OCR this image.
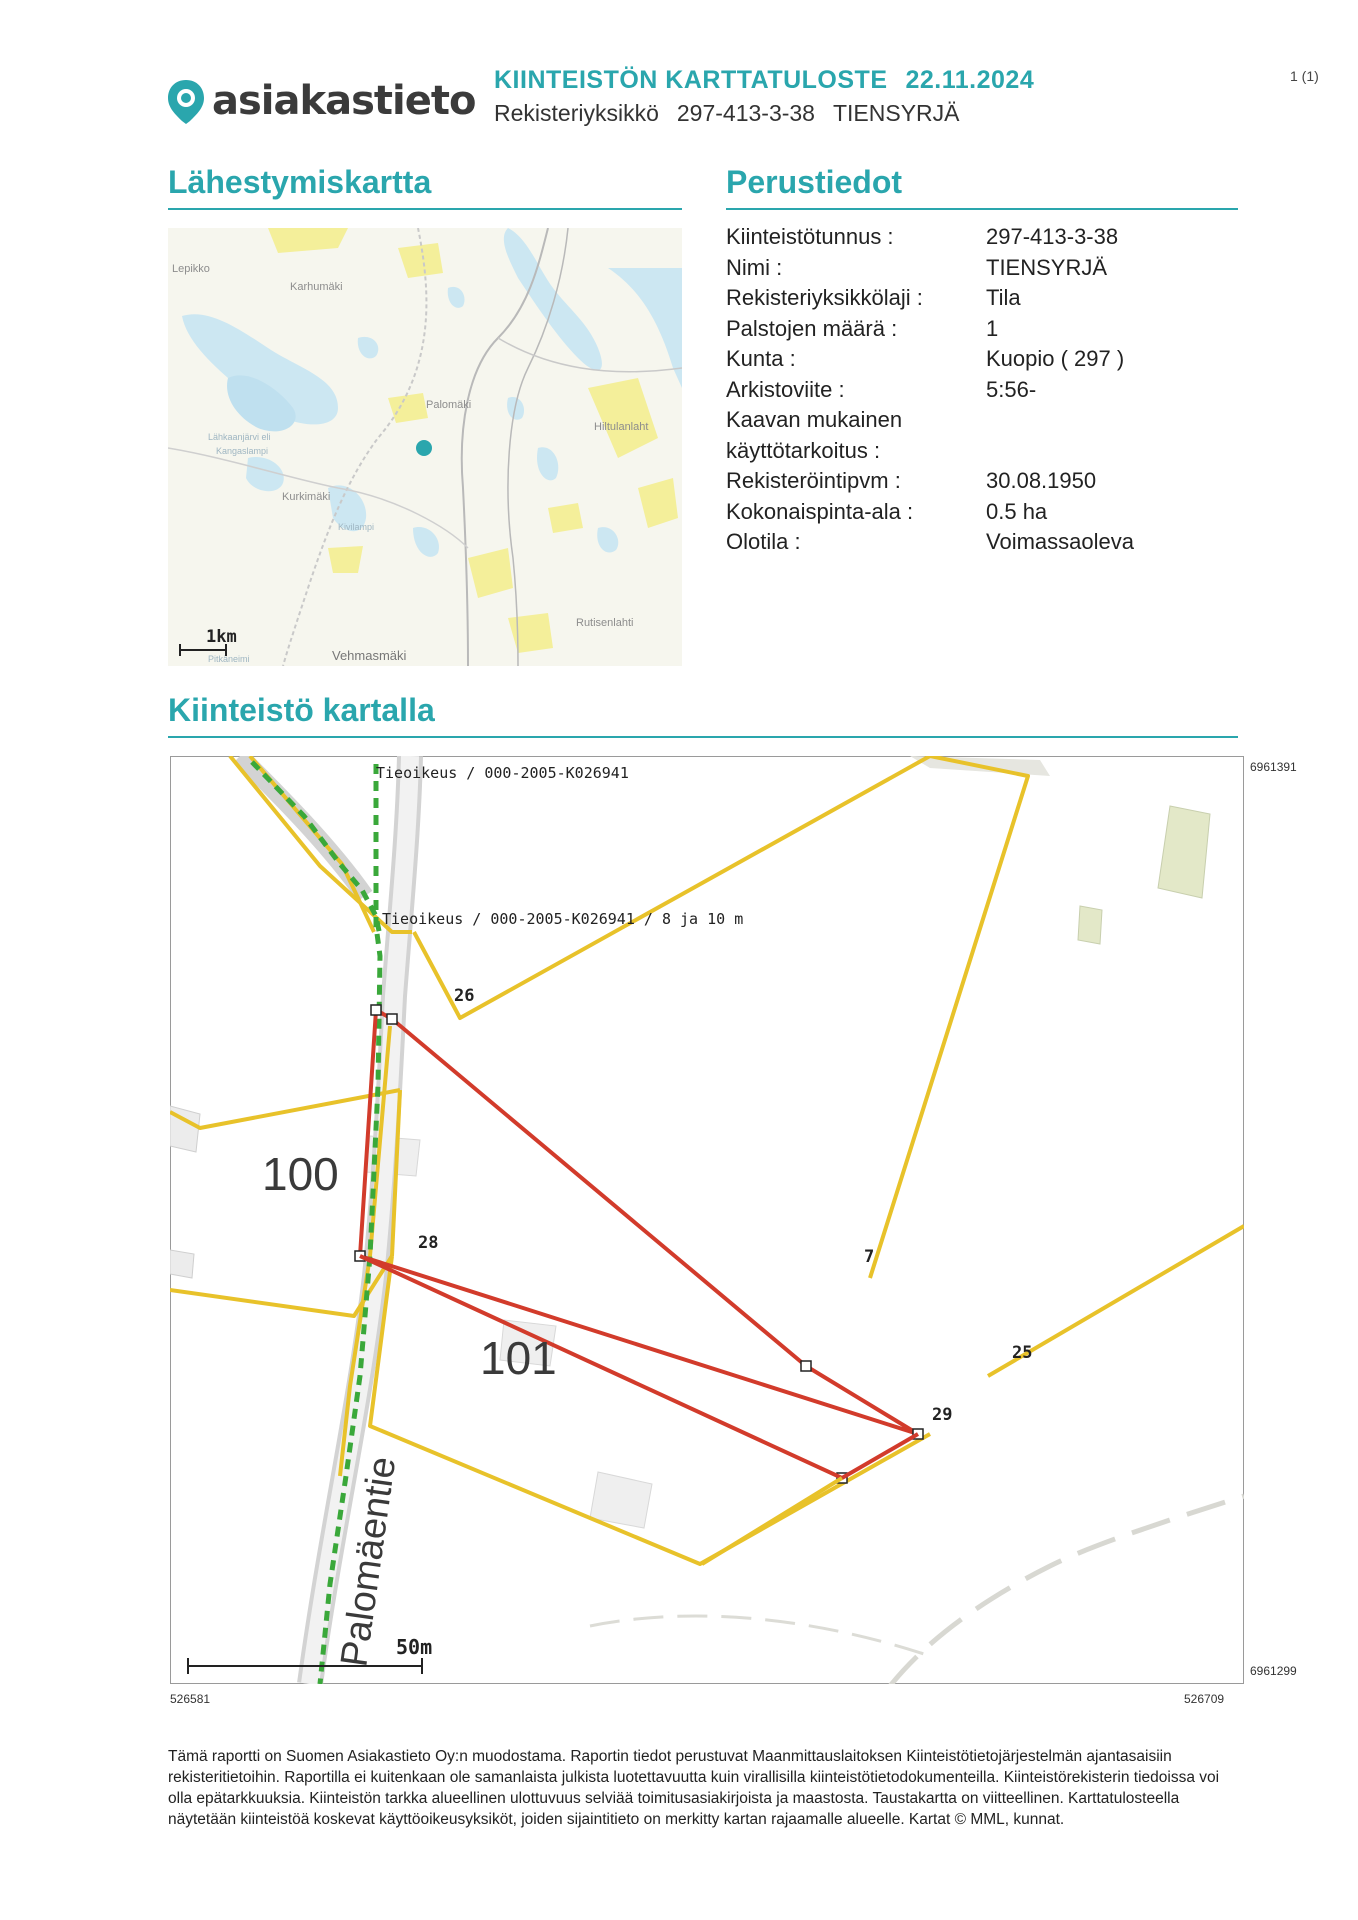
asiakastieto KIINTEISTÖN KARTTATULOSTE 22.11.2024
Rekisteriyksikkö 297-413-3-38 TIENSYRJÄ
1 (1)
Lähestymiskartta	Perustiedot
Lepikko
Karhumäki
Palomäki
Hiltulanlaht
Lähkaanjärvi eli
Kangaslampi
Kurkimäki
Kivilampi
Rutisenlahti
Vehmasmäki
Pitkäneimi
1km
Kiinteistötunnus :	297-413-3-38
Nimi :	TIENSYRJÄ
Rekisteriyksikkölaji :	Tila
Palstojen määrä :	1
Kunta :	Kuopio ( 297 )
Arkistoviite :	5:56-
Kaavan mukainen
käyttötarkoitus :
Rekisteröintipvm :	30.08.1950
Kokonaispinta-ala :	0.5 ha
Olotila :	Voimassaoleva
Kiinteistö kartalla
Tieoikeus / 000-2005-K026941
Tieoikeus / 000-2005-K026941 / 8 ja 10 m
100
101
26
28
7
25
29
Palomäentie
50m
6961391
6961299
526581	526709
Tämä raportti on Suomen Asiakastieto Oy:n muodostama. Raportin tiedot perustuvat Maanmittauslaitoksen Kiinteistötietojärjestelmän ajantasaisiin rekisteritietoihin. Raportilla ei kuitenkaan ole samanlaista julkista luotettavuutta kuin virallisilla kiinteistötietodokumenteilla. Kiinteistörekisterin tiedoissa voi olla epätarkkuuksia. Kiinteistön tarkka alueellinen ulottuvuus selviää toimitusasiakirjoista ja maastosta. Taustakartta on viitteellinen. Karttatulosteella näytetään kiinteistöä koskevat käyttöoikeusyksiköt, joiden sijaintitieto on merkitty kartan rajaamalle alueelle. Kartat © MML, kunnat.
